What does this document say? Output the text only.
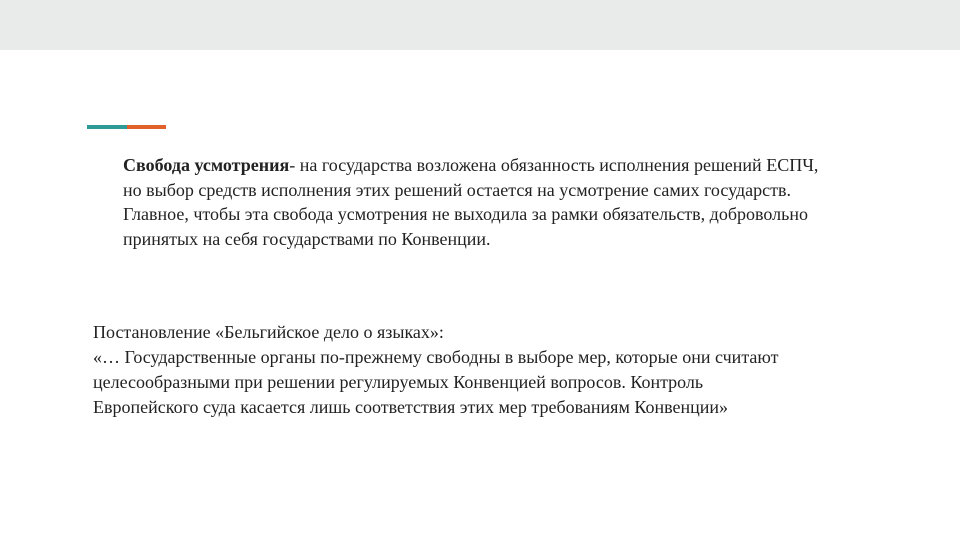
Свобода усмотрения- на государства возложена обязанность исполнения решений ЕСПЧ,
но выбор средств исполнения этих решений остается на усмотрение самих государств.
Главное, чтобы эта свобода усмотрения не выходила за рамки обязательств, добровольно
принятых на себя государствами по Конвенции.

Постановление «Бельгийское дело о языках»:
«… Государственные органы по-прежнему свободны в выборе мер, которые они считают
целесообразными при решении регулируемых Конвенцией вопросов. Контроль
Европейского суда касается лишь соответствия этих мер требованиям Конвенции»
